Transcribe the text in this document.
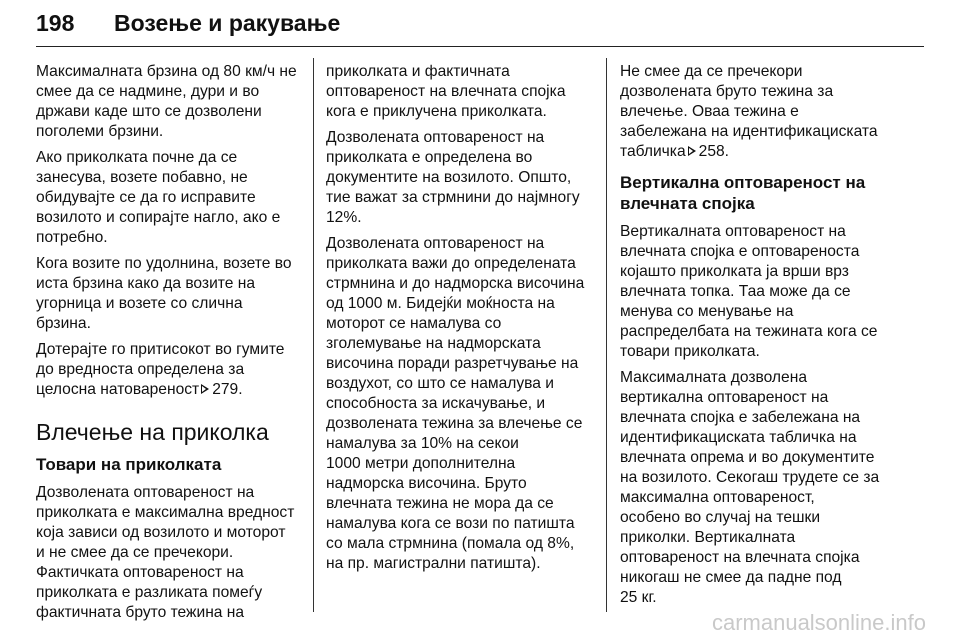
198 Возење и ракување

Максималната брзина од 80 км/ч не
смее да се надмине, дури и во
држави каде што се дозволени
поголеми брзини.

Ако приколката почне да се
занесува, возете побавно, не
обидувајте се да го исправите
возилото и сопирајте нагло, ако е
потребно.

Кога возите по удолнина, возете во
иста брзина како да возите на
угорница и возете со слична
брзина.

Дотерајте го притисокот во гумите
до вредноста определена за
целосна натовареност 279.

Влечење на приколка
Товари на приколката

Дозволената оптовареност на
приколката е максимална вредност
која зависи од возилото и моторот
и не смее да се пречекори.
Фактичката оптовареност на
приколката е разликата помеѓу
фактичната бруто тежина на

приколката и фактичната
оптовареност на влечната спојка
кога е приклучена приколката.

Дозволената оптовареност на
приколката е определена во
документите на возилото. Општо,
тие важат за стрмнини до најмногу
12%.

Дозволената оптовареност на
приколката важи до определената
стрмнина и до надморска височина
од 1000 м. Бидејќи моќноста на
моторот се намалува со
зголемување на надморската
височина поради разретчување на
воздухот, со што се намалува и
способноста за искачување, и
дозволената тежина за влечење се
намалува за 10% на секои
1000 метри дополнителна
надморска височина. Бруто
влечната тежина не мора да се
намалува кога се вози по патишта
со мала стрмнина (помала од 8%,
на пр. магистрални патишта).

Не смее да се пречекори
дозволената бруто тежина за
влечење. Оваа тежина е
забележана на идентификациската
табличка 258.

Вертикална оптовареност на
влечната спојка

Вертикалната оптовареност на
влечната спојка е оптовареноста
којашто приколката ја врши врз
влечната топка. Таа може да се
менува со менување на
распределбата на тежината кога се
товари приколката.

Максималната дозволена
вертикална оптовареност на
влечната спојка е забележана на
идентификациската табличка на
влечната опрема и во документите
на возилото. Секогаш трудете се за
максимална оптовареност,
особено во случај на тешки
приколки. Вертикалната
оптовареност на влечната спојка
никогаш не смее да падне под
25 кг.

carmanualsonline.info
